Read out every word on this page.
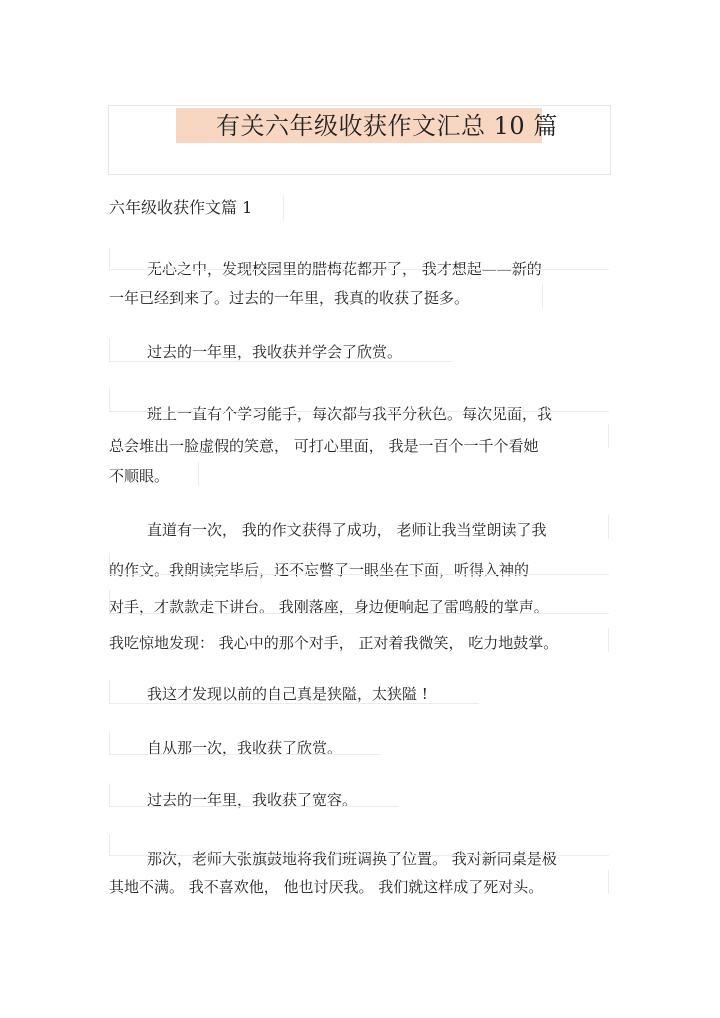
有关六年级收获作文汇总 10 篇
六年级收获作文篇 1
无心之中，发现校园里的腊梅花都开了， 我才想起——新的
一年已经到来了。过去的一年里，我真的收获了挺多。
过去的一年里，我收获并学会了欣赏。
班上一直有个学习能手，每次都与我平分秋色。每次见面，我
总会堆出一脸虚假的笑意， 可打心里面， 我是一百个一千个看她
不顺眼。
直道有一次， 我的作文获得了成功， 老师让我当堂朗读了我
的作文。我朗读完毕后，还不忘瞥了一眼坐在下面，听得入神的
对手，才款款走下讲台。 我刚落座，身边便响起了雷鸣般的掌声。
我吃惊地发现： 我心中的那个对手， 正对着我微笑， 吃力地鼓掌。
我这才发现以前的自己真是狭隘，太狭隘 !
自从那一次，我收获了欣赏。
过去的一年里，我收获了宽容。
那次，老师大张旗鼓地将我们班调换了位置。 我对新同桌是极
其地不满。 我不喜欢他， 他也讨厌我。 我们就这样成了死对头。
